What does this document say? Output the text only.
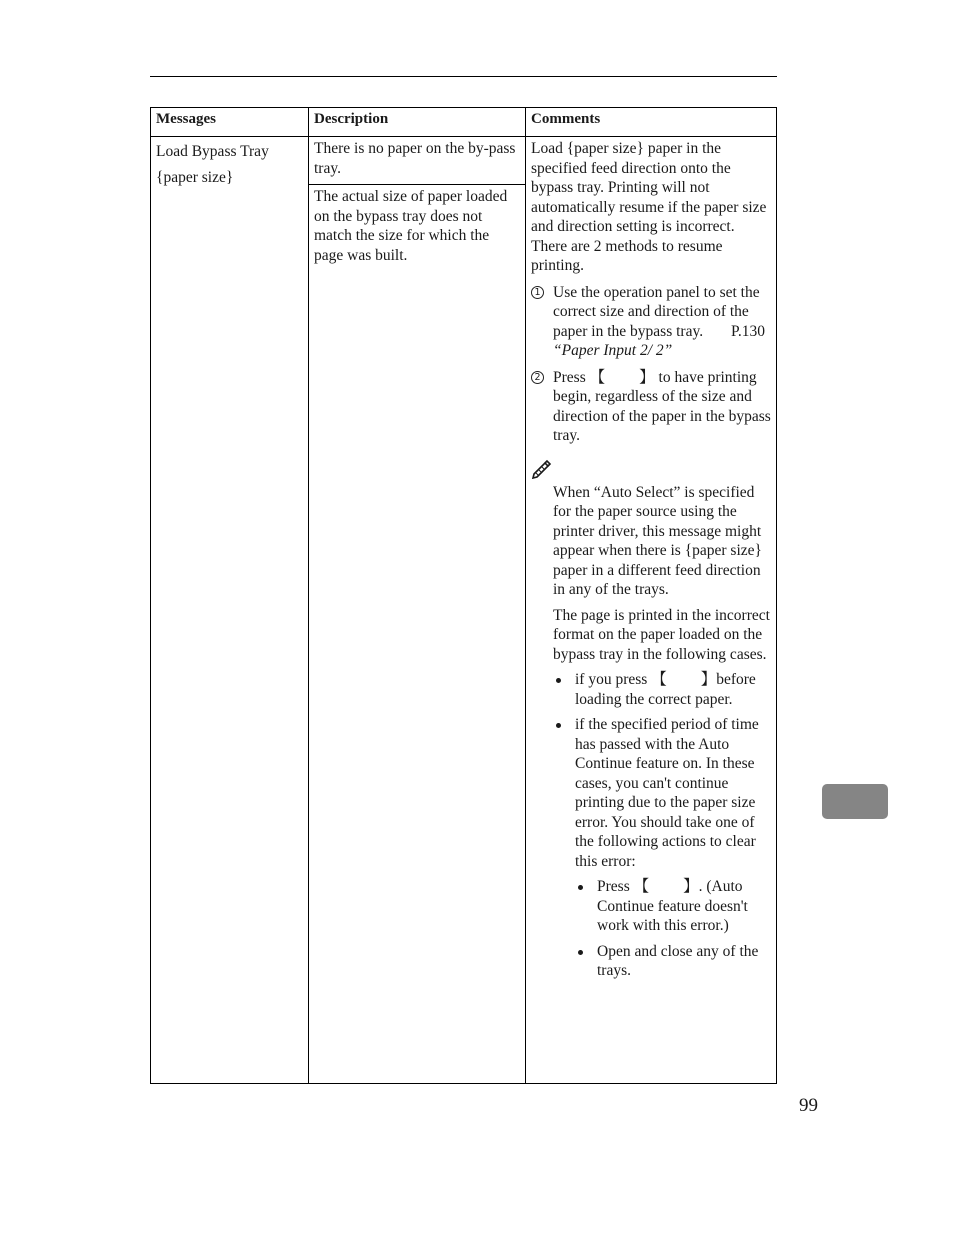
Messages	Description	Comments

Load Bypass Tray

{paper size}

There is no paper on the by-pass tray.

The actual size of paper loaded on the bypass tray does not match the size for which the page was built.

Load {paper size} paper in the specified feed direction onto the bypass tray. Printing will not automatically resume if the paper size and direction setting is incorrect. There are 2 methods to resume printing.

1 Use the operation panel to set the correct size and direction of the paper in the bypass tray. P.130 “Paper Input 2/ 2”
2 Press 【 】 to have printing begin, regardless of the size and direction of the paper in the bypass tray.

When “Auto Select” is specified for the paper source using the printer driver, this message might appear when there is {paper size} paper in a different feed direction in any of the trays.

The page is printed in the incorrect format on the paper loaded on the bypass tray in the following cases.

if you press 【 】before loading the correct paper.
if the specified period of time has passed with the Auto Continue feature on. In these cases, you can't continue printing due to the paper size error. You should take one of the following actions to clear this error:
Press 【 】. (Auto Continue feature doesn't work with this error.)
Open and close any of the trays.
99
